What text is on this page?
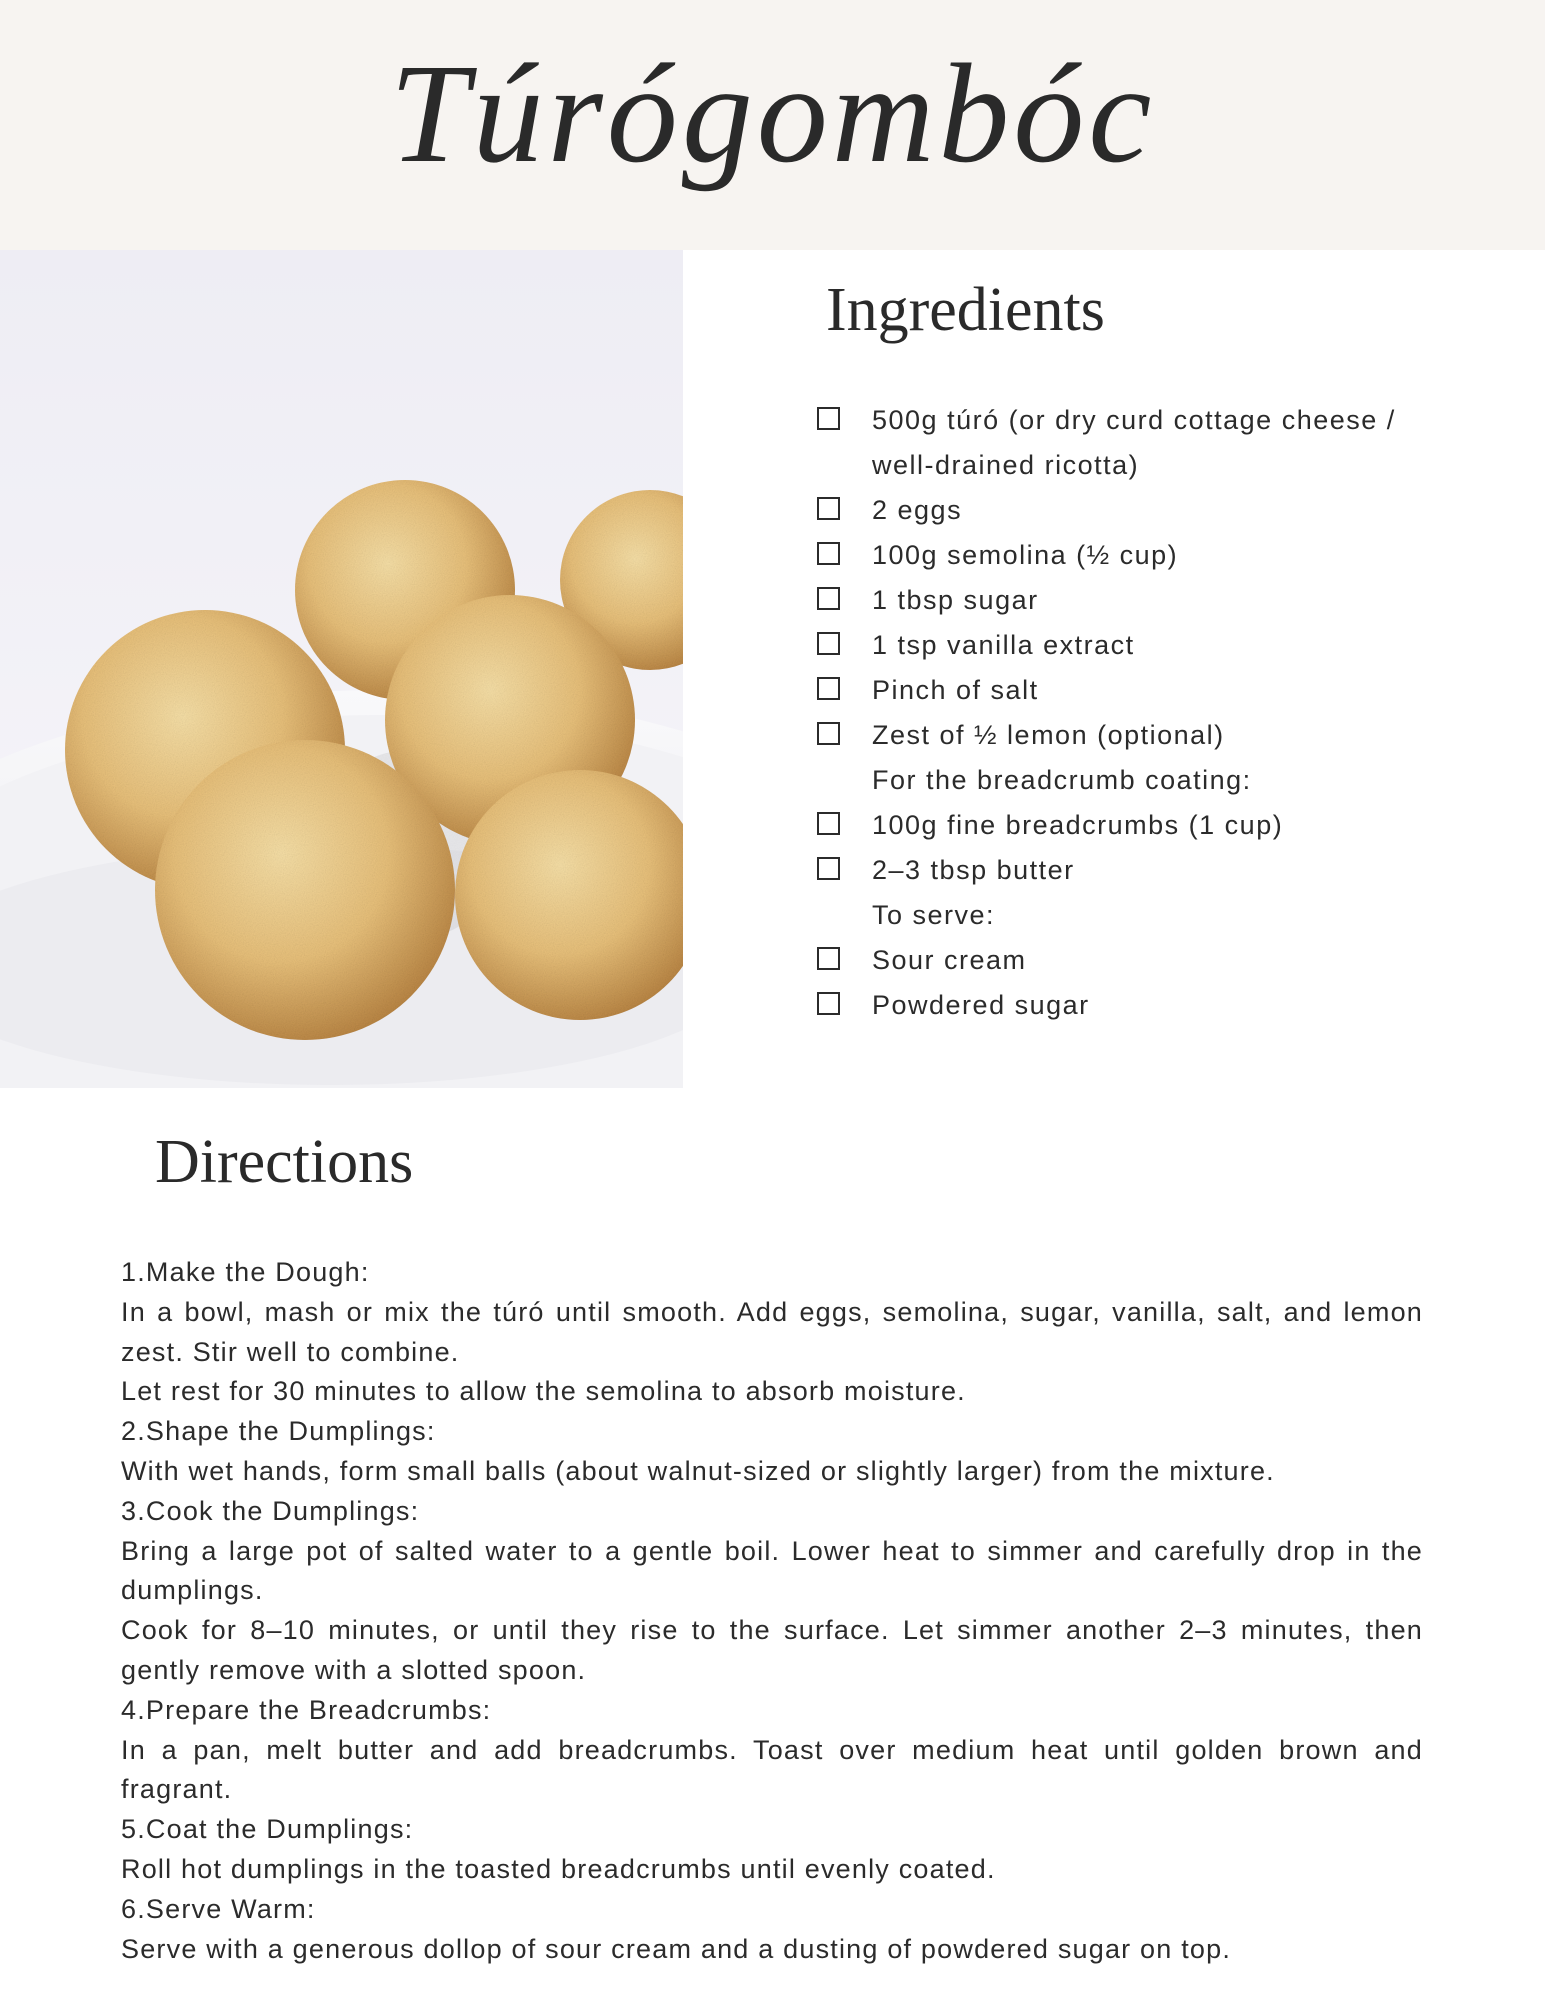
Túrógombóc
Ingredients
500g túró (or dry curd cottage cheese / well-drained ricotta)
2 eggs
100g semolina (½ cup)
1 tbsp sugar
1 tsp vanilla extract
Pinch of salt
Zest of ½ lemon (optional)
For the breadcrumb coating:
100g fine breadcrumbs (1 cup)
2–3 tbsp butter
To serve:
Sour cream
Powdered sugar
Directions

1.Make the Dough:

In a bowl, mash or mix the túró until smooth. Add eggs, semolina, sugar, vanilla, salt, and lemon zest. Stir well to combine.

Let rest for 30 minutes to allow the semolina to absorb moisture.

2.Shape the Dumplings:

With wet hands, form small balls (about walnut-sized or slightly larger) from the mixture.

3.Cook the Dumplings:

Bring a large pot of salted water to a gentle boil. Lower heat to simmer and carefully drop in the dumplings.

Cook for 8–10 minutes, or until they rise to the surface. Let simmer another 2–3 minutes, then gently remove with a slotted spoon.

4.Prepare the Breadcrumbs:

In a pan, melt butter and add breadcrumbs. Toast over medium heat until golden brown and fragrant.

5.Coat the Dumplings:

Roll hot dumplings in the toasted breadcrumbs until evenly coated.

6.Serve Warm:

Serve with a generous dollop of sour cream and a dusting of powdered sugar on top.
